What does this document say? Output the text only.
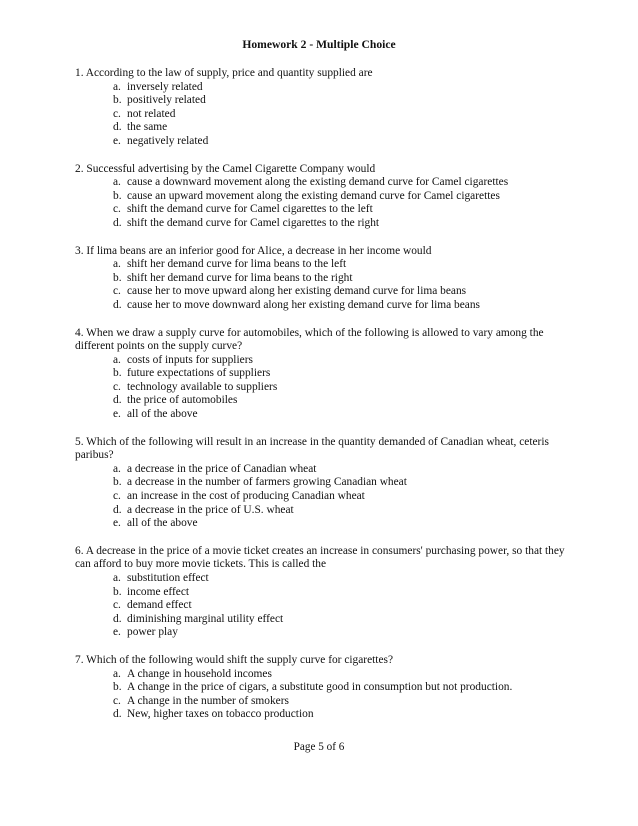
Homework 2 - Multiple Choice

1. According to the law of supply, price and quantity supplied are

a. inversely related
b. positively related
c. not related
d. the same
e. negatively related

2. Successful advertising by the Camel Cigarette Company would

a. cause a downward movement along the existing demand curve for Camel cigarettes
b. cause an upward movement along the existing demand curve for Camel cigarettes
c. shift the demand curve for Camel cigarettes to the left
d. shift the demand curve for Camel cigarettes to the right

3. If lima beans are an inferior good for Alice, a decrease in her income would

a. shift her demand curve for lima beans to the left
b. shift her demand curve for lima beans to the right
c. cause her to move upward along her existing demand curve for lima beans
d. cause her to move downward along her existing demand curve for lima beans

4. When we draw a supply curve for automobiles, which of the following is allowed to vary among the different points on the supply curve?

a. costs of inputs for suppliers
b. future expectations of suppliers
c. technology available to suppliers
d. the price of automobiles
e. all of the above

5. Which of the following will result in an increase in the quantity demanded of Canadian wheat, ceteris paribus?

a. a decrease in the price of Canadian wheat
b. a decrease in the number of farmers growing Canadian wheat
c. an increase in the cost of producing Canadian wheat
d. a decrease in the price of U.S. wheat
e. all of the above

6. A decrease in the price of a movie ticket creates an increase in consumers' purchasing power, so that they can afford to buy more movie tickets. This is called the

a. substitution effect
b. income effect
c. demand effect
d. diminishing marginal utility effect
e. power play

7. Which of the following would shift the supply curve for cigarettes?

a. A change in household incomes
b. A change in the price of cigars, a substitute good in consumption but not production.
c. A change in the number of smokers
d. New, higher taxes on tobacco production
Page 5 of 6
